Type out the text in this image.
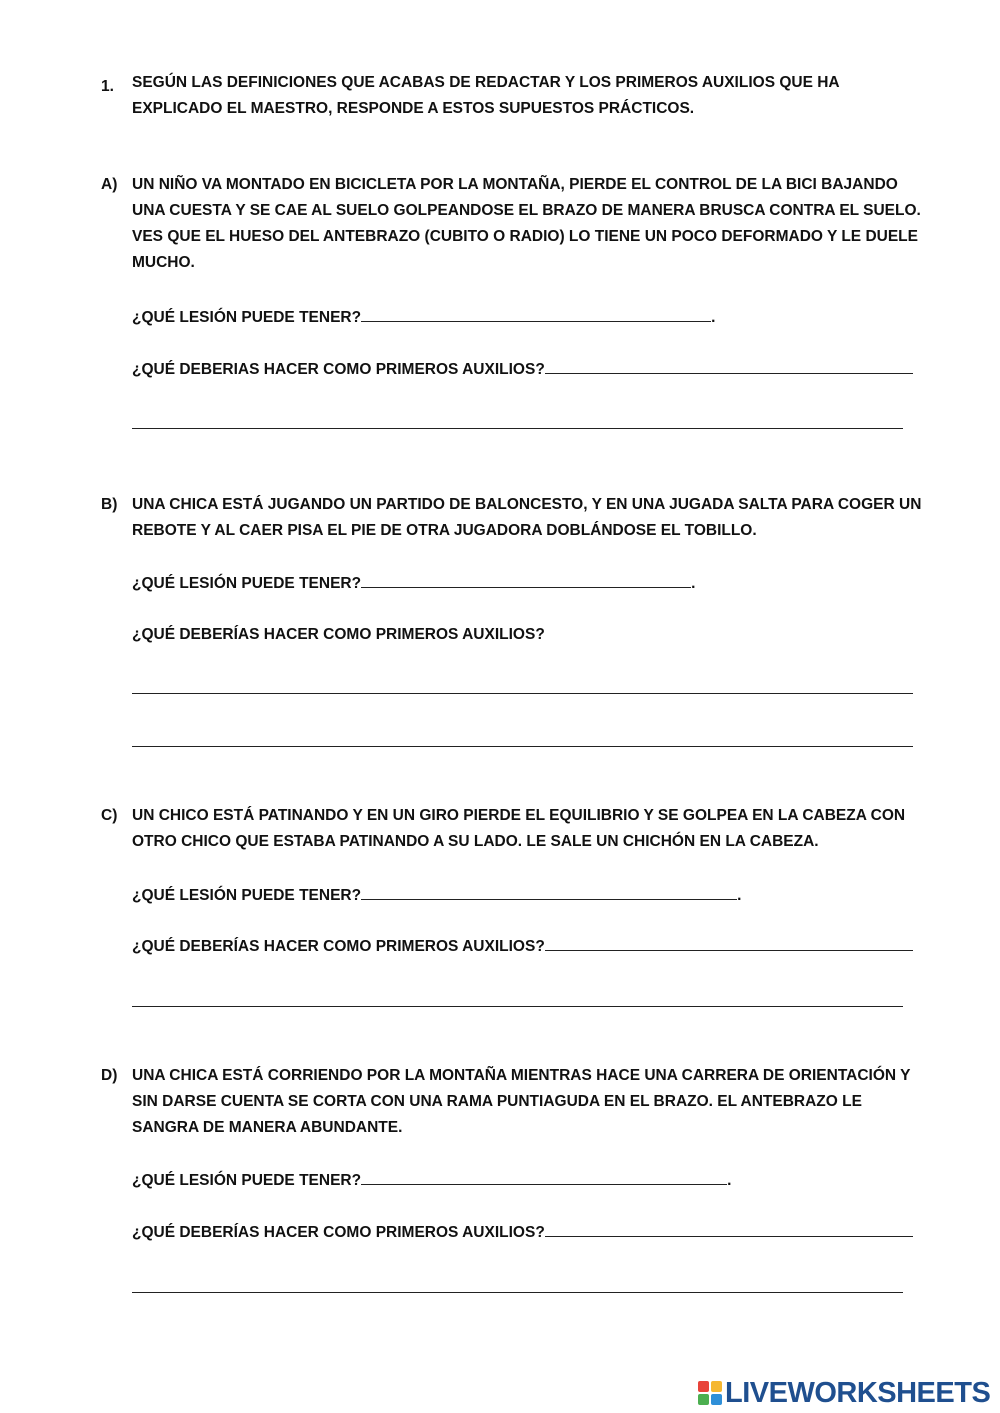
1.	SEGÚN LAS DEFINICIONES QUE ACABAS DE REDACTAR Y LOS PRIMEROS AUXILIOS QUE HA EXPLICADO EL MAESTRO, RESPONDE A ESTOS SUPUESTOS PRÁCTICOS.
A) UN NIÑO VA MONTADO EN BICICLETA POR LA MONTAÑA, PIERDE EL CONTROL DE LA BICI BAJANDO UNA CUESTA Y SE CAE AL SUELO GOLPEANDOSE EL BRAZO DE MANERA BRUSCA CONTRA EL SUELO. VES QUE EL HUESO DEL ANTEBRAZO (CUBITO O RADIO) LO TIENE UN POCO DEFORMADO Y LE DUELE MUCHO.
¿QUÉ LESIÓN PUEDE TENER?	.
¿QUÉ DEBERIAS HACER COMO PRIMEROS AUXILIOS?
B) UNA CHICA ESTÁ JUGANDO UN PARTIDO DE BALONCESTO, Y EN UNA JUGADA SALTA PARA COGER UN REBOTE Y AL CAER PISA EL PIE DE OTRA JUGADORA DOBLÁNDOSE EL TOBILLO.
¿QUÉ LESIÓN PUEDE TENER?	.
¿QUÉ DEBERÍAS HACER COMO PRIMEROS AUXILIOS?
C) UN CHICO ESTÁ PATINANDO Y EN UN GIRO PIERDE EL EQUILIBRIO Y SE GOLPEA EN LA CABEZA CON OTRO CHICO QUE ESTABA PATINANDO A SU LADO. LE SALE UN CHICHÓN EN LA CABEZA.
¿QUÉ LESIÓN PUEDE TENER?	.
¿QUÉ DEBERÍAS HACER COMO PRIMEROS AUXILIOS?
D) UNA CHICA ESTÁ CORRIENDO POR LA MONTAÑA MIENTRAS HACE UNA CARRERA DE ORIENTACIÓN Y SIN DARSE CUENTA SE CORTA CON UNA RAMA PUNTIAGUDA EN EL BRAZO. EL ANTEBRAZO LE SANGRA DE MANERA ABUNDANTE.
¿QUÉ LESIÓN PUEDE TENER?	.
¿QUÉ DEBERÍAS HACER COMO PRIMEROS AUXILIOS?
LIVEWORKSHEETS
